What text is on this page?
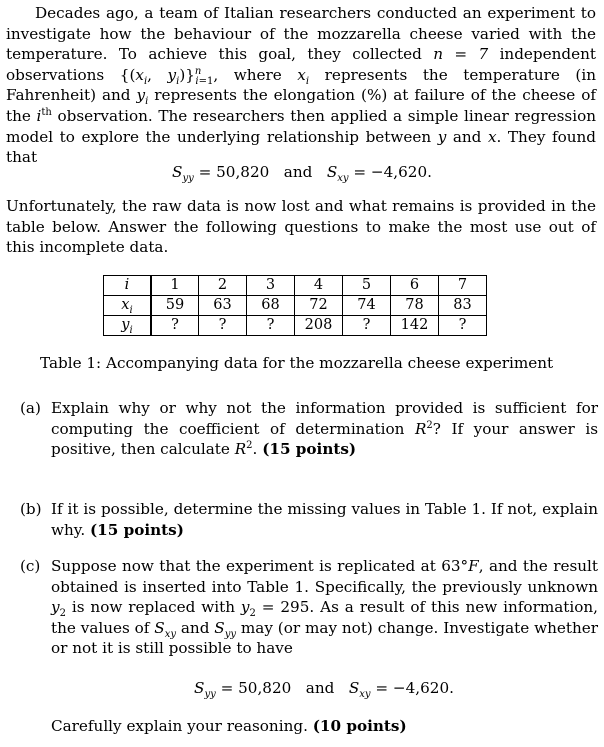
Decades ago, a team of Italian researchers conducted an experiment to investigate how the behaviour of the mozzarella cheese varied with the temperature. To achieve this goal, they collected n = 7 independent observations {($x_i$, $y_i)\}^n_{i=1}$, where $x_i$ represents the temperature (in Fahrenheit) and $y_i$ represents the elongation (%) at failure of the cheese of the $i^{th}$ observation. The researchers then applied a simple linear regression model to explore the underlying relationship between y and x. They found that

$S_{yy} = 50,820$ and $S_{xy} = -4,620$.

Unfortunately, the raw data is now lost and what remains is provided in the table below. Answer the following questions to make the most use out of this incomplete data.

i	1	2	3	4	5	6	7
$x_i$	59	63	68	72	74	78	83
$y_i$	?	?	?	208	?	142	?
Table 1: Accompanying data for the mozzarella cheese experiment
(a) Explain why or why not the information provided is sufficient for computing the coefficient of determination $R^2$? If your answer is positive, then calculate $R^2$. (15 points)
(b) If it is possible, determine the missing values in Table 1. If not, explain why. (15 points)
(c) Suppose now that the experiment is replicated at 63°F, and the result obtained is inserted into Table 1. Specifically, the previously unknown $y_2$ is now replaced with $y_2 = 295$. As a result of this new information, the values of $S_{xy}$ and $S_{yy}$ may (or may not) change. Investigate whether or not it is still possible to have
$S_{yy} = 50,820$ and $S_{xy} = -4,620$.
Carefully explain your reasoning. (10 points)
